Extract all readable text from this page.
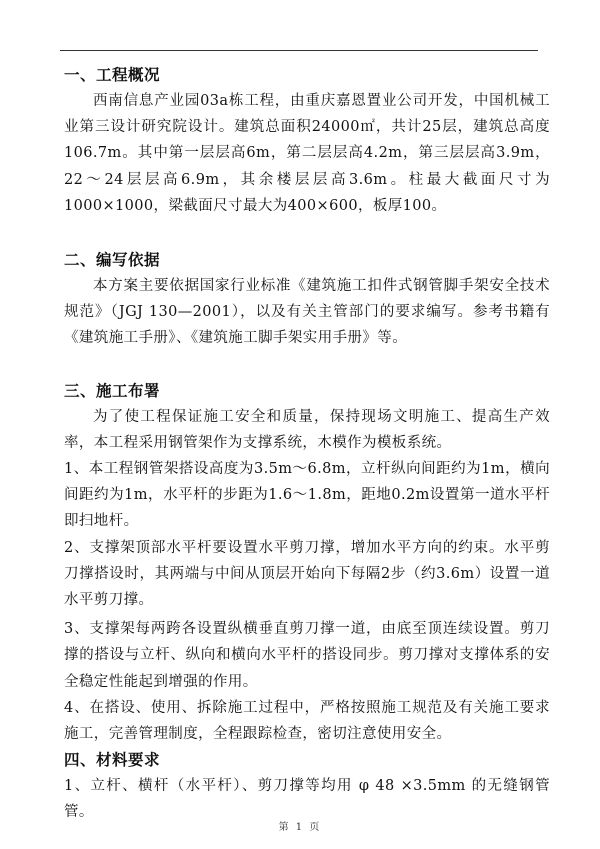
一、工程概况

西南信息产业园03a栋工程，由重庆嘉恩置业公司开发，中国机械工业第三设计研究院设计。建筑总面积24000㎡，共计25层，建筑总高度106.7m。其中第一层层高6m，第二层层高4.2m，第三层层高3.9m，22～24层层高6.9m，其余楼层层高3.6m。柱最大截面尺寸为1000×1000，梁截面尺寸最大为400×600，板厚100。

二、编写依据

本方案主要依据国家行业标准《建筑施工扣件式钢管脚手架安全技术规范》（JGJ 130—2001），以及有关主管部门的要求编写。参考书籍有《建筑施工手册》、《建筑施工脚手架实用手册》等。

三、施工布署

为了使工程保证施工安全和质量，保持现场文明施工、提高生产效率，本工程采用钢管架作为支撑系统，木模作为模板系统。

1、本工程钢管架搭设高度为3.5m～6.8m，立杆纵向间距约为1m，横向间距约为1m，水平杆的步距为1.6～1.8m，距地0.2m设置第一道水平杆即扫地杆。

2、支撑架顶部水平杆要设置水平剪刀撑，增加水平方向的约束。水平剪刀撑搭设时，其两端与中间从顶层开始向下每隔2步（约3.6m）设置一道水平剪刀撑。

3、支撑架每两跨各设置纵横垂直剪刀撑一道，由底至顶连续设置。剪刀撑的搭设与立杆、纵向和横向水平杆的搭设同步。剪刀撑对支撑体系的安全稳定性能起到增强的作用。

4、在搭设、使用、拆除施工过程中，严格按照施工规范及有关施工要求施工，完善管理制度，全程跟踪检查，密切注意使用安全。

四、材料要求

1、立杆、横杆（水平杆）、剪刀撑等均用 φ 48 ×3.5mm 的无缝钢管管。

第 1 页
